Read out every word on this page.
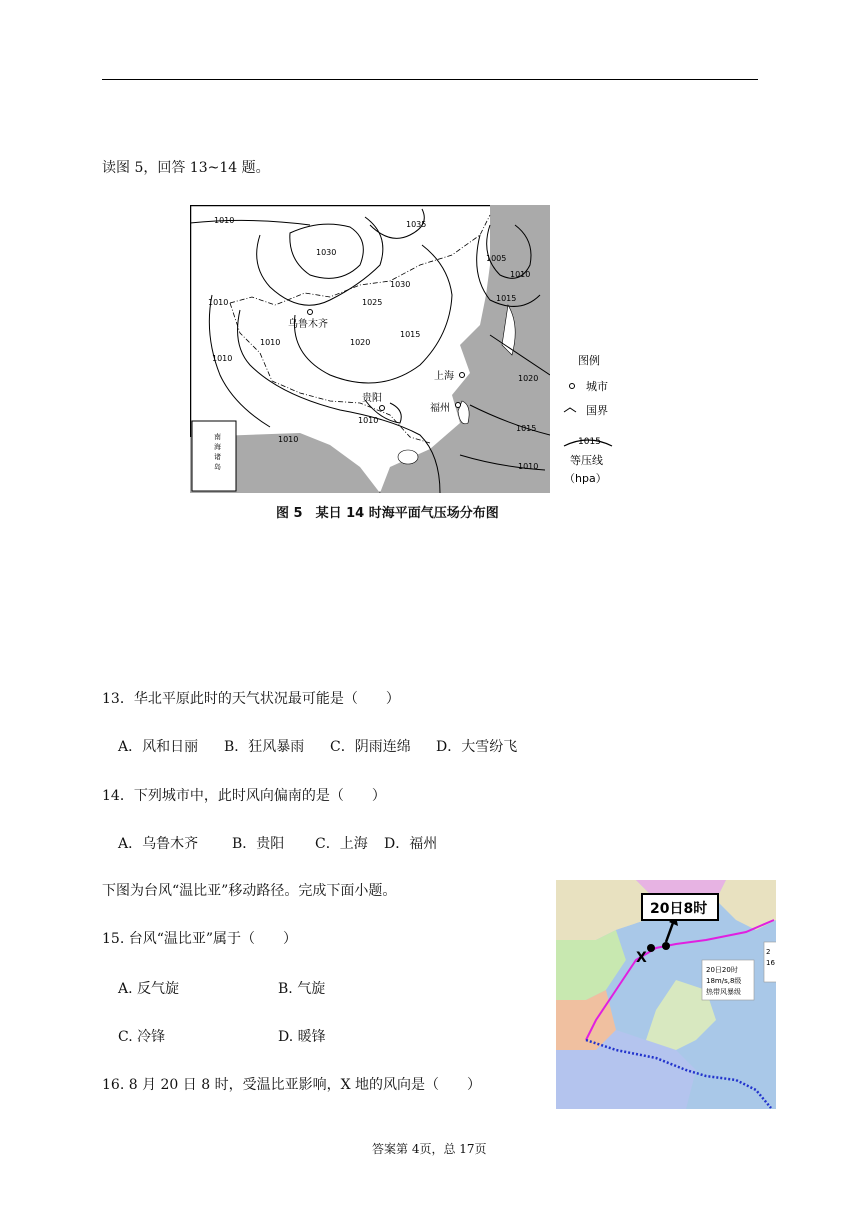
读图 5，回答 13~14 题。
1010
1010
1010
1010
1030
1030
1035
1025
1020
1005
1010
1015
1020
1015
1010
1010
1010
1015
乌鲁木齐
贵阳
上海
福州
南海诸岛
图例
城市
国界
1015
等压线
（hpa）
图 5　某日 14 时海平面气压场分布图
13．华北平原此时的天气状况最可能是（　　）
A．风和日丽 B．狂风暴雨 C．阴雨连绵 D．大雪纷飞
14．下列城市中，此时风向偏南的是（　　）
A．乌鲁木齐 B．贵阳 C．上海 D．福州
下图为台风“温比亚”移动路径。完成下面小题。
15. 台风“温比亚”属于（　　）
A. 反气旋	B. 气旋
C. 冷锋	D. 暖锋
16. 8 月 20 日 8 时，受温比亚影响，X 地的风向是（　　）
X
20日8时
20日20时
18m/s,8级
热带风暴级
2
16
答案第 4页，总 17页
